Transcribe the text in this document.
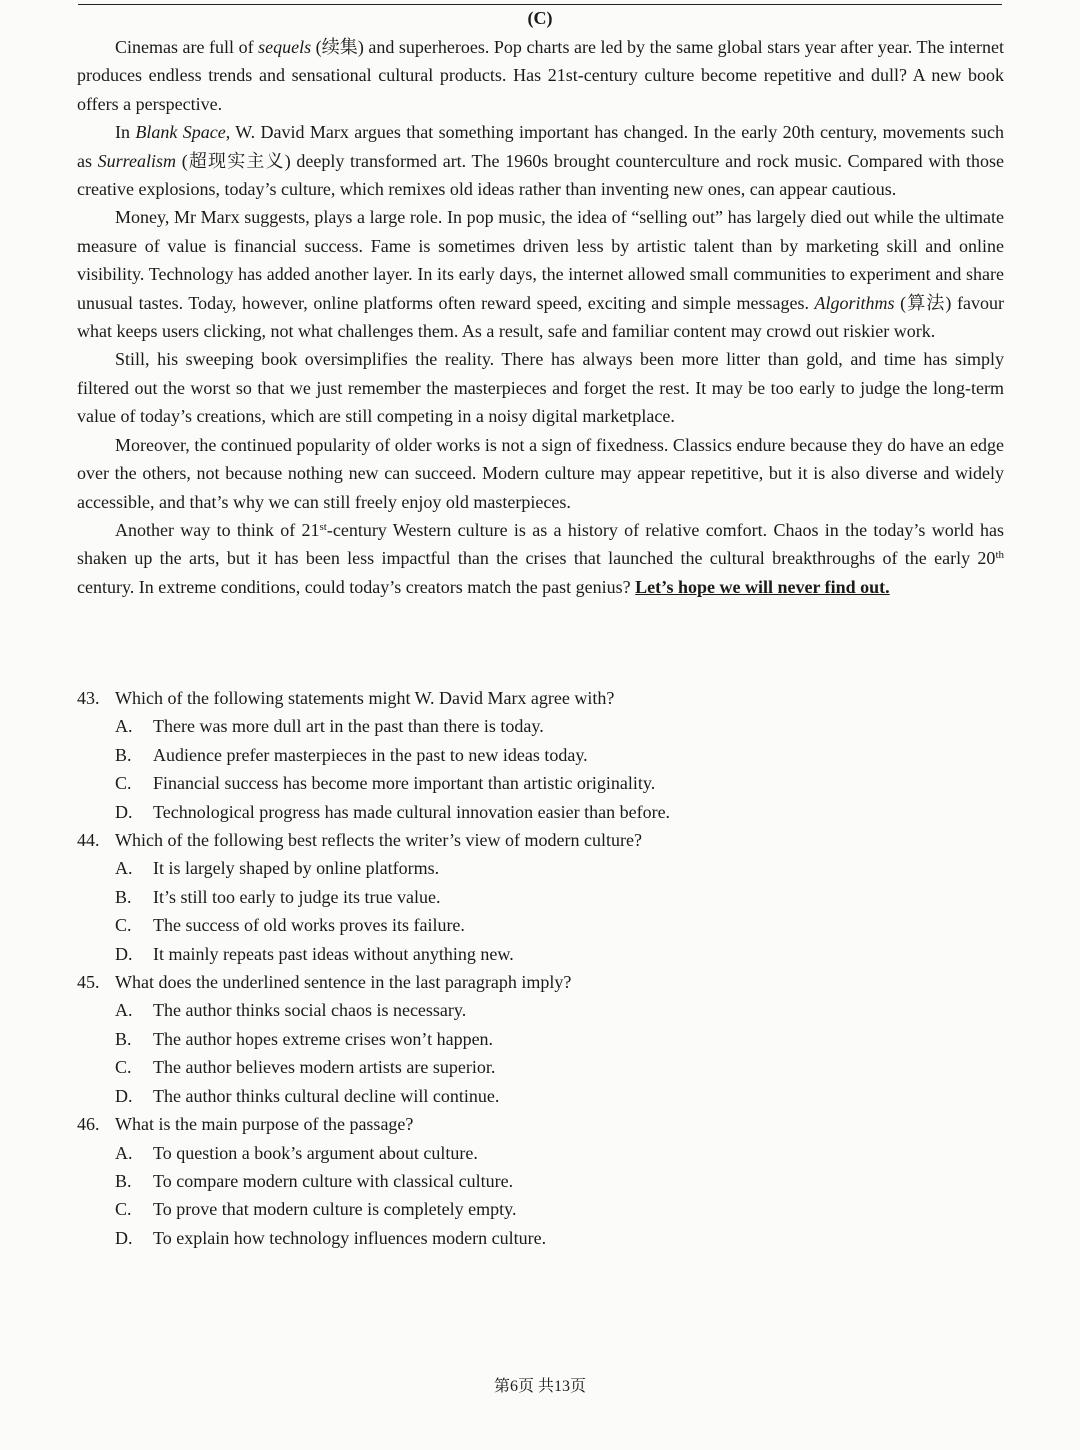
(C)

Cinemas are full of sequels (续集) and superheroes. Pop charts are led by the same global stars year after year. The internet produces endless trends and sensational cultural products. Has 21st-century culture become repetitive and dull? A new book offers a perspective.

In Blank Space, W. David Marx argues that something important has changed. In the early 20th century, movements such as Surrealism (超现实主义) deeply transformed art. The 1960s brought counterculture and rock music. Compared with those creative explosions, today’s culture, which remixes old ideas rather than inventing new ones, can appear cautious.

Money, Mr Marx suggests, plays a large role. In pop music, the idea of “selling out” has largely died out while the ultimate measure of value is financial success. Fame is sometimes driven less by artistic talent than by marketing skill and online visibility. Technology has added another layer. In its early days, the internet allowed small communities to experiment and share unusual tastes. Today, however, online platforms often reward speed, exciting and simple messages. Algorithms (算法) favour what keeps users clicking, not what challenges them. As a result, safe and familiar content may crowd out riskier work.

Still, his sweeping book oversimplifies the reality. There has always been more litter than gold, and time has simply filtered out the worst so that we just remember the masterpieces and forget the rest. It may be too early to judge the long-term value of today’s creations, which are still competing in a noisy digital marketplace.

Moreover, the continued popularity of older works is not a sign of fixedness. Classics endure because they do have an edge over the others, not because nothing new can succeed. Modern culture may appear repetitive, but it is also diverse and widely accessible, and that’s why we can still freely enjoy old masterpieces.

Another way to think of 21st-century Western culture is as a history of relative comfort. Chaos in the today’s world has shaken up the arts, but it has been less impactful than the crises that launched the cultural breakthroughs of the early 20th century. In extreme conditions, could today’s creators match the past genius? Let’s hope we will never find out.

43. Which of the following statements might W. David Marx agree with?
A.	There was more dull art in the past than there is today.
B.	Audience prefer masterpieces in the past to new ideas today.
C.	Financial success has become more important than artistic originality.
D.	Technological progress has made cultural innovation easier than before.
44. Which of the following best reflects the writer’s view of modern culture?
A.	It is largely shaped by online platforms.
B.	It’s still too early to judge its true value.
C.	The success of old works proves its failure.
D.	It mainly repeats past ideas without anything new.
45. What does the underlined sentence in the last paragraph imply?
A.	The author thinks social chaos is necessary.
B.	The author hopes extreme crises won’t happen.
C.	The author believes modern artists are superior.
D.	The author thinks cultural decline will continue.
46. What is the main purpose of the passage?
A.	To question a book’s argument about culture.
B.	To compare modern culture with classical culture.
C.	To prove that modern culture is completely empty.
D.	To explain how technology influences modern culture.
第6页 共13页
